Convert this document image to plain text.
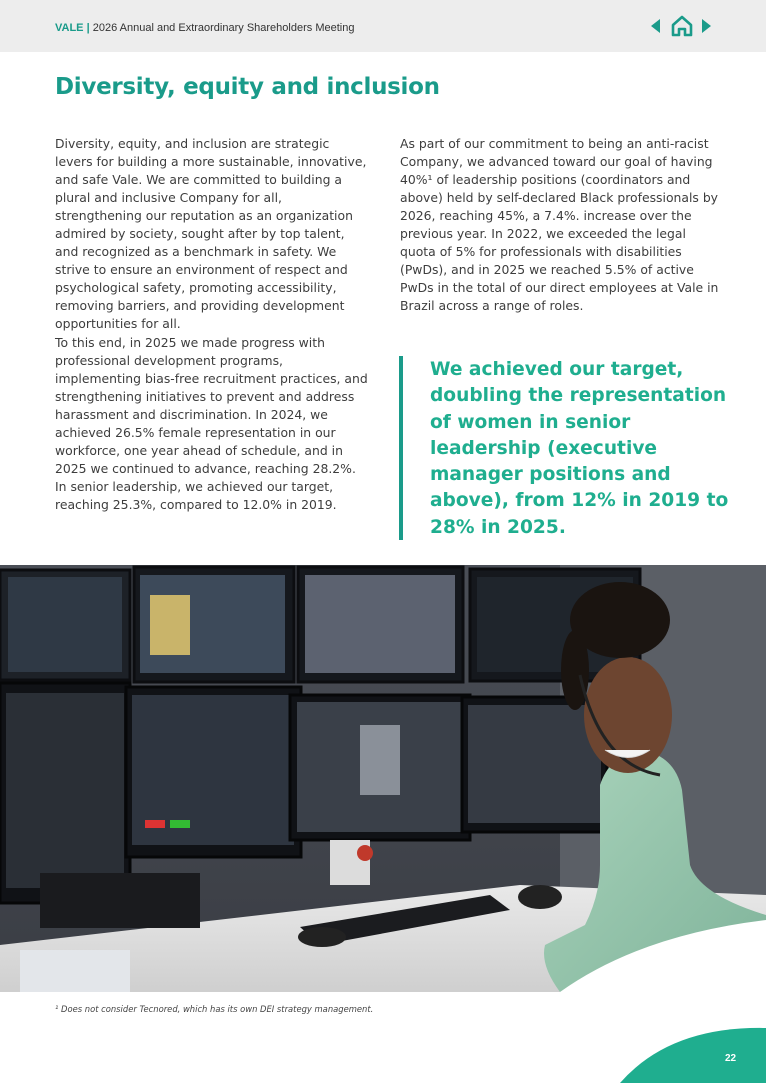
VALE | 2026 Annual and Extraordinary Shareholders Meeting
Diversity, equity and inclusion

Diversity, equity, and inclusion are strategic levers for building a more sustainable, innovative, and safe Vale. We are committed to building a plural and inclusive Company for all, strengthening our reputation as an organization admired by society, sought after by top talent, and recognized as a benchmark in safety. We strive to ensure an environment of respect and psychological safety, promoting accessibility, removing barriers, and providing development opportunities for all.

To this end, in 2025 we made progress with professional development programs, implementing bias-free recruitment practices, and strengthening initiatives to prevent and address harassment and discrimination. In 2024, we achieved 26.5% female representation in our workforce, one year ahead of schedule, and in 2025 we continued to advance, reaching 28.2%. In senior leadership, we achieved our target, reaching 25.3%, compared to 12.0% in 2019.

As part of our commitment to being an anti-racist Company, we advanced toward our goal of having 40%¹ of leadership positions (coordinators and above) held by self-declared Black professionals by 2026, reaching 45%, a 7.4%. increase over the previous year. In 2022, we exceeded the legal quota of 5% for professionals with disabilities (PwDs), and in 2025 we reached 5.5% of active PwDs in the total of our direct employees at Vale in Brazil across a range of roles.

We achieved our target, doubling the representation of women in senior leadership (executive manager positions and above), from 12% in 2019 to 28% in 2025.

¹ Does not consider Tecnored, which has its own DEI strategy management.

22
